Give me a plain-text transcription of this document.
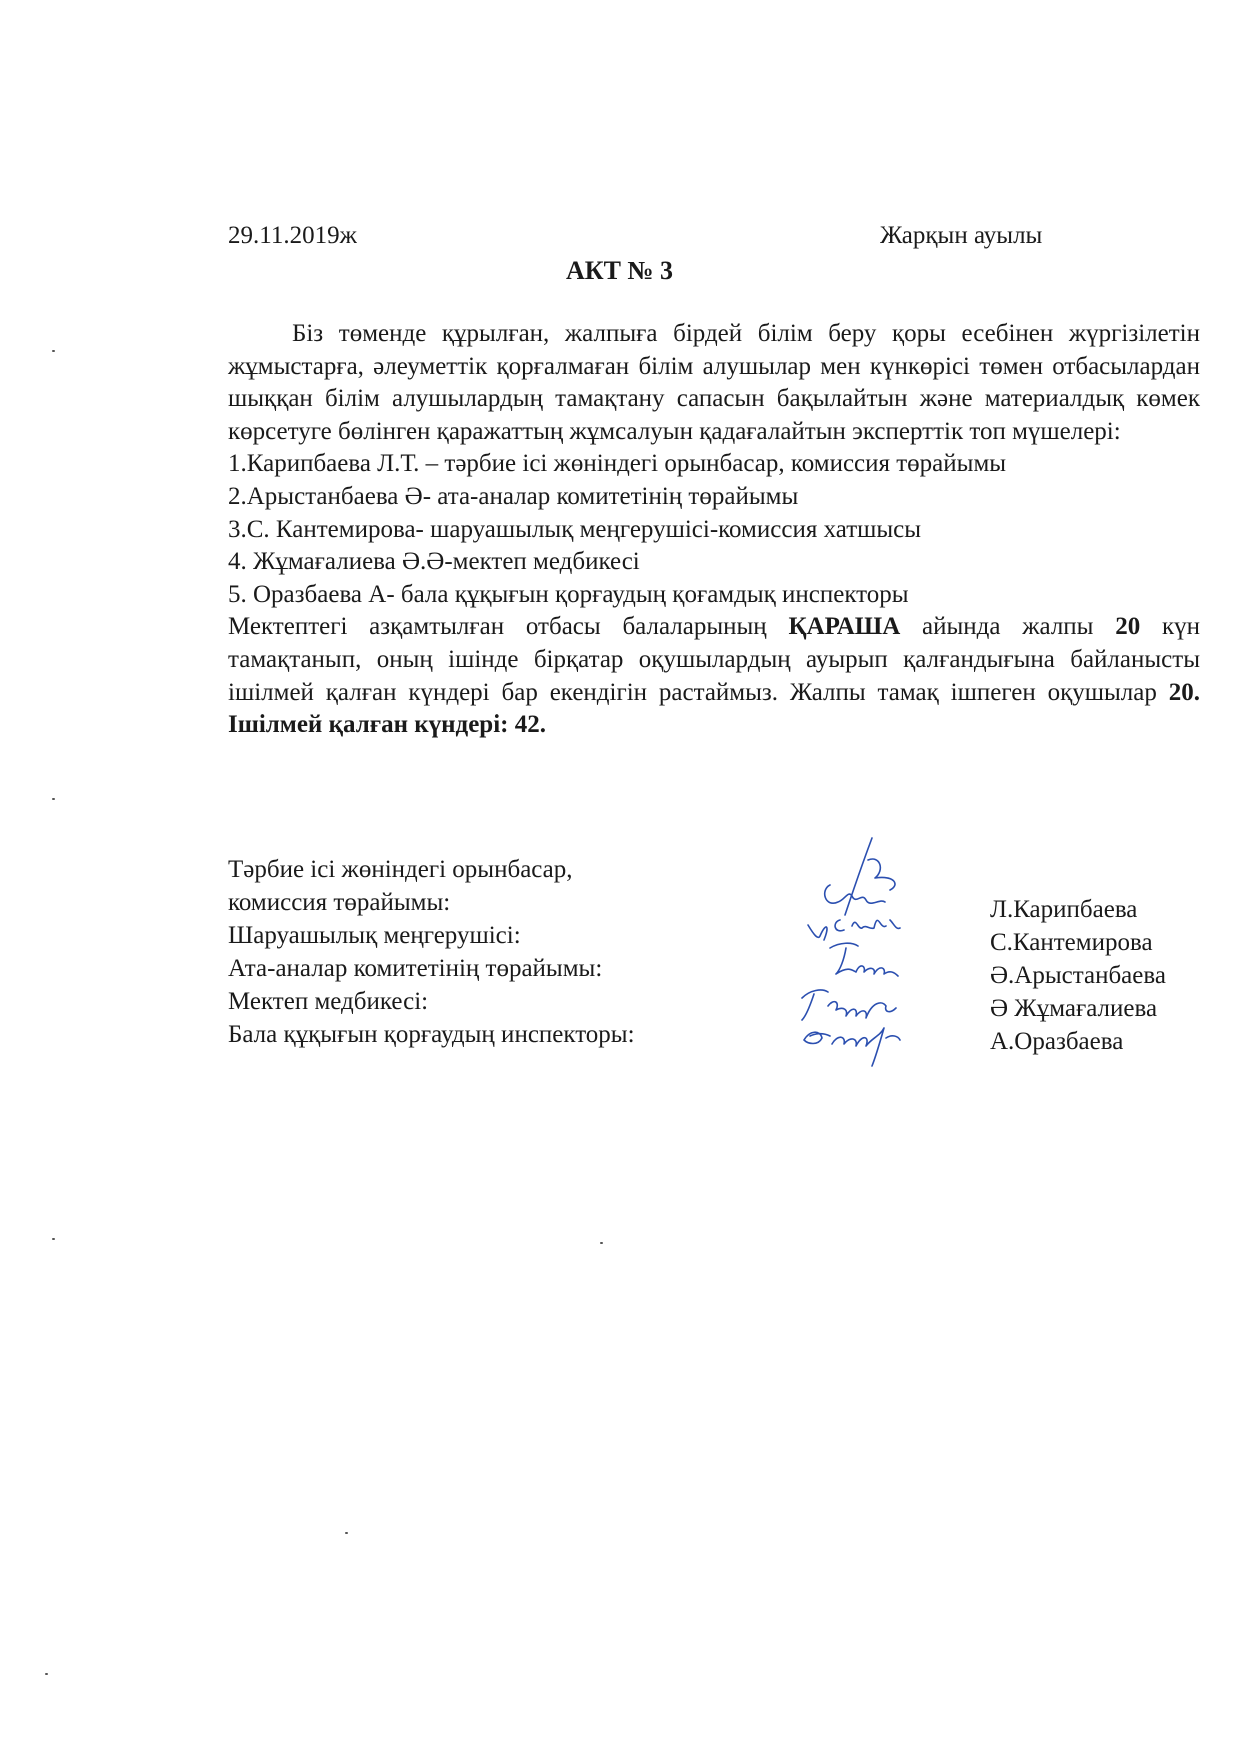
29.11.2019ж	Жарқын ауылы
АКТ № 3

Біз төменде құрылған, жалпыға бірдей білім беру қоры есебінен жүргізілетін жұмыстарға, әлеуметтік қорғалмаған білім алушылар мен күнкөрісі төмен отбасылардан шыққан білім алушылардың тамақтану сапасын бақылайтын және материалдық көмек көрсетуге бөлінген қаражаттың жұмсалуын қадағалайтын эксперттік топ мүшелері:

1.Карипбаева Л.Т. – тәрбие ісі жөніндегі орынбасар, комиссия төрайымы

2.Арыстанбаева Ә- ата-аналар комитетінің төрайымы

3.С. Кантемирова- шаруашылық меңгерушісі-комиссия хатшысы

4. Жұмағалиева Ә.Ә-мектеп медбикесі

5. Оразбаева А- бала құқығын қорғаудың қоғамдық инспекторы

Мектептегі азқамтылған отбасы балаларының ҚАРАША айында жалпы 20 күн тамақтанып, оның ішінде бірқатар оқушылардың ауырып қалғандығына байланысты ішілмей қалған күндері бар екендігін растаймыз. Жалпы тамақ ішпеген оқушылар 20. Ішілмей қалған күндері: 42.

Тәрбие ісі жөніндегі орынбасар,
комиссия төрайымы:
Шаруашылық меңгерушісі:
Ата-аналар комитетінің төрайымы:
Мектеп медбикесі:
Бала құқығын қорғаудың инспекторы:
Л.Карипбаева
С.Кантемирова
Ә.Арыстанбаева
Ә Жұмағалиева
А.Оразбаева
